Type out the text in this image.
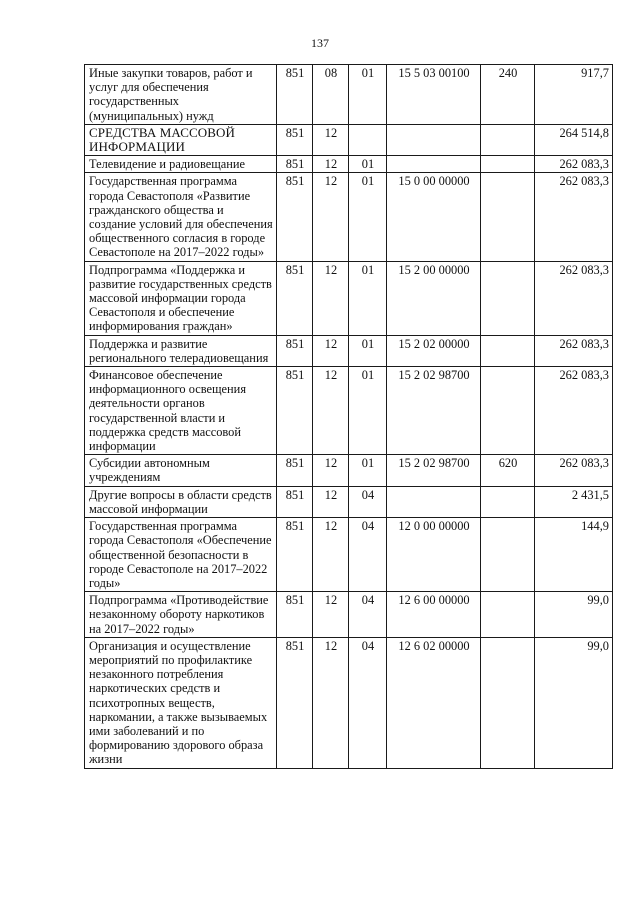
137
Иные закупки товаров, работ и услуг для обеспечения государственных (муниципальных) нужд	851	08	01	15 5 03 00100	240	917,7
СРЕДСТВА МАССОВОЙ ИНФОРМАЦИИ	851	12				264 514,8
Телевидение и радиовещание	851	12	01			262 083,3
Государственная программа города Севастополя «Развитие гражданского общества и создание условий для обеспечения общественного согласия в городе Севастополе на 2017–2022 годы»	851	12	01	15 0 00 00000		262 083,3
Подпрограмма «Поддержка и развитие государственных средств массовой информации города Севастополя и обеспечение информирования граждан»	851	12	01	15 2 00 00000		262 083,3
Поддержка и развитие регионального телерадиовещания	851	12	01	15 2 02 00000		262 083,3
Финансовое обеспечение информационного освещения деятельности органов государственной власти и поддержка средств массовой информации	851	12	01	15 2 02 98700		262 083,3
Субсидии автономным учреждениям	851	12	01	15 2 02 98700	620	262 083,3
Другие вопросы в области средств массовой информации	851	12	04			2 431,5
Государственная программа города Севастополя «Обеспечение общественной безопасности в городе Севастополе на 2017–2022 годы»	851	12	04	12 0 00 00000		144,9
Подпрограмма «Противодействие незаконному обороту наркотиков на 2017–2022 годы»	851	12	04	12 6 00 00000		99,0
Организация и осуществление мероприятий по профилактике незаконного потребления наркотических средств и психотропных веществ, наркомании, а также вызываемых ими заболеваний и по формированию здорового образа жизни	851	12	04	12 6 02 00000		99,0
